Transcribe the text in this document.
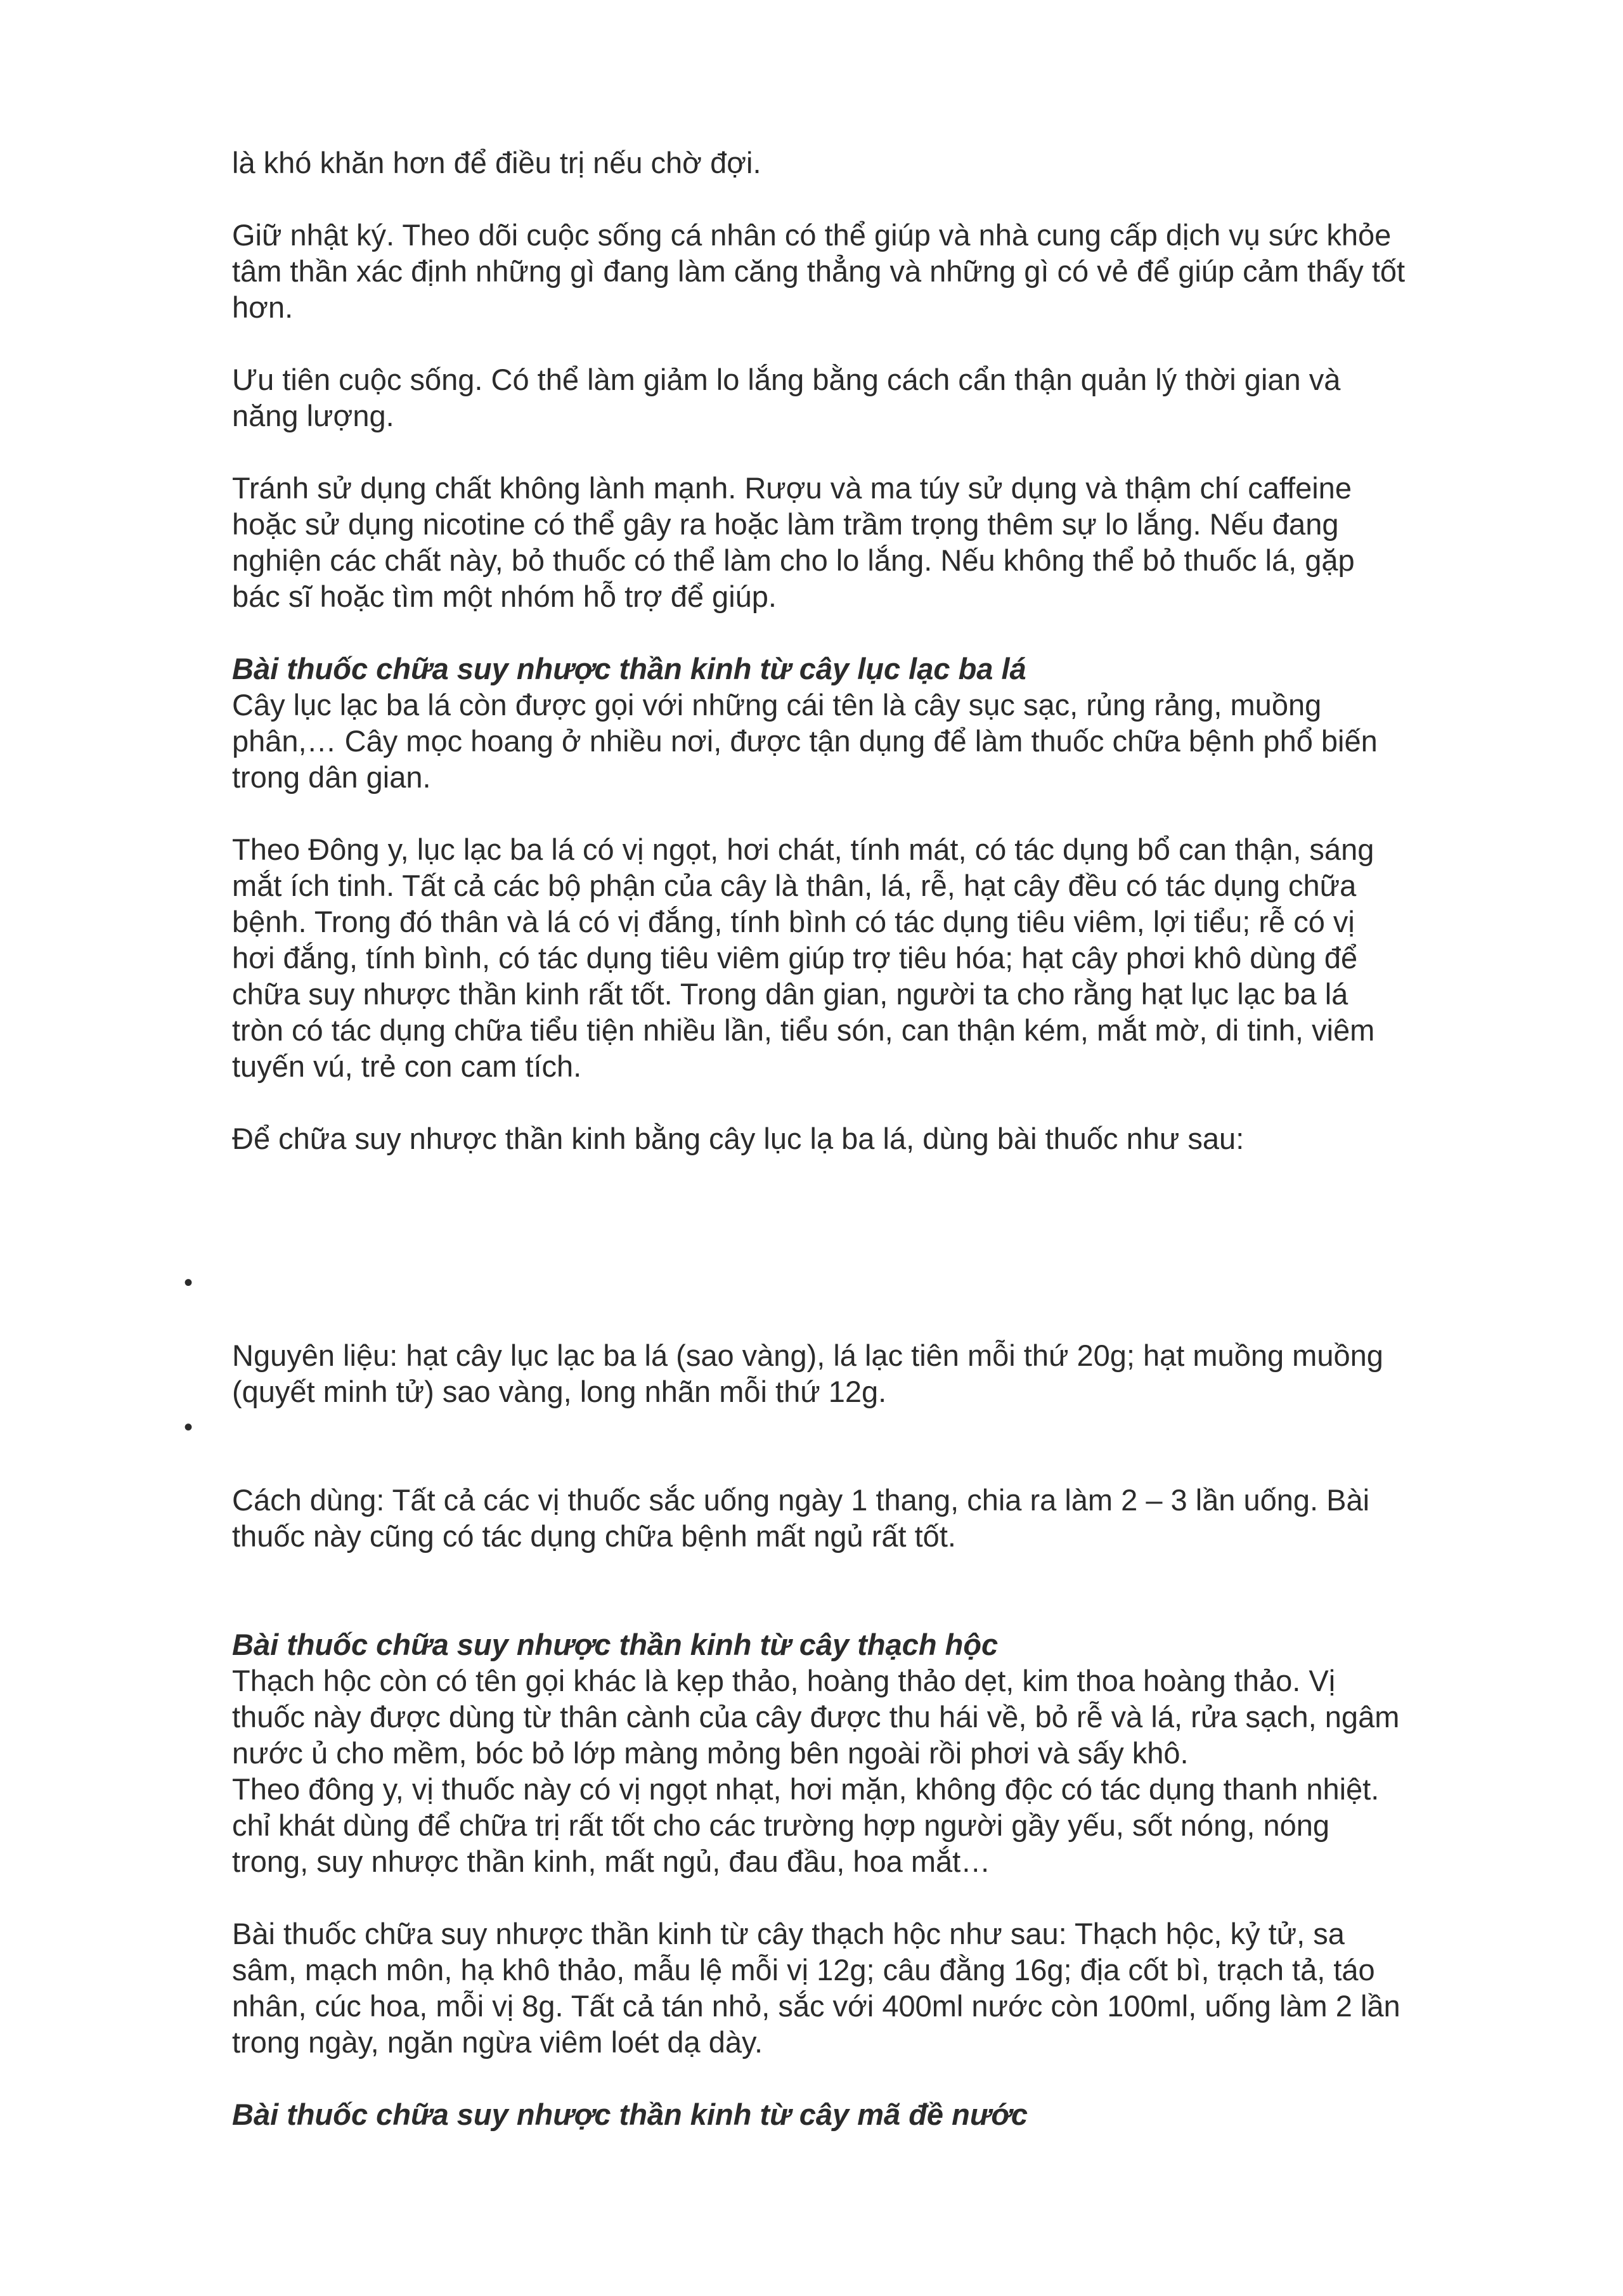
là khó khăn hơn để điều trị nếu chờ đợi.

Giữ nhật ký. Theo dõi cuộc sống cá nhân có thể giúp và nhà cung cấp dịch vụ sức khỏe
tâm thần xác định những gì đang làm căng thẳng và những gì có vẻ để giúp cảm thấy tốt
hơn.

Ưu tiên cuộc sống. Có thể làm giảm lo lắng bằng cách cẩn thận quản lý thời gian và
năng lượng.

Tránh sử dụng chất không lành mạnh. Rượu và ma túy sử dụng và thậm chí caffeine
hoặc sử dụng nicotine có thể gây ra hoặc làm trầm trọng thêm sự lo lắng. Nếu đang
nghiện các chất này, bỏ thuốc có thể làm cho lo lắng. Nếu không thể bỏ thuốc lá, gặp
bác sĩ hoặc tìm một nhóm hỗ trợ để giúp.

Bài thuốc chữa suy nhược thần kinh từ cây lục lạc ba lá

Cây lục lạc ba lá còn được gọi với những cái tên là cây sục sạc, rủng rảng, muồng
phân,… Cây mọc hoang ở nhiều nơi, được tận dụng để làm thuốc chữa bệnh phổ biến
trong dân gian.

Theo Đông y, lục lạc ba lá có vị ngọt, hơi chát, tính mát, có tác dụng bổ can thận, sáng
mắt ích tinh. Tất cả các bộ phận của cây là thân, lá, rễ, hạt cây đều có tác dụng chữa
bệnh. Trong đó thân và lá có vị đắng, tính bình có tác dụng tiêu viêm, lợi tiểu; rễ có vị
hơi đắng, tính bình, có tác dụng tiêu viêm giúp trợ tiêu hóa; hạt cây phơi khô dùng để
chữa suy nhược thần kinh rất tốt. Trong dân gian, người ta cho rằng hạt lục lạc ba lá
tròn có tác dụng chữa tiểu tiện nhiều lần, tiểu són, can thận kém, mắt mờ, di tinh, viêm
tuyến vú, trẻ con cam tích.

Để chữa suy nhược thần kinh bằng cây lục lạ ba lá, dùng bài thuốc như sau:

•

Nguyên liệu: hạt cây lục lạc ba lá (sao vàng), lá lạc tiên mỗi thứ 20g; hạt muồng muồng
(quyết minh tử) sao vàng, long nhãn mỗi thứ 12g.

•

Cách dùng: Tất cả các vị thuốc sắc uống ngày 1 thang, chia ra làm 2 – 3 lần uống. Bài
thuốc này cũng có tác dụng chữa bệnh mất ngủ rất tốt.

Bài thuốc chữa suy nhược thần kinh từ cây thạch hộc

Thạch hộc còn có tên gọi khác là kẹp thảo, hoàng thảo dẹt, kim thoa hoàng thảo. Vị
thuốc này được dùng từ thân cành của cây được thu hái về, bỏ rễ và lá, rửa sạch, ngâm
nước ủ cho mềm, bóc bỏ lớp màng mỏng bên ngoài rồi phơi và sấy khô.
Theo đông y, vị thuốc này có vị ngọt nhạt, hơi mặn, không độc có tác dụng thanh nhiệt.
chỉ khát dùng để chữa trị rất tốt cho các trường hợp người gầy yếu, sốt nóng, nóng
trong, suy nhược thần kinh, mất ngủ, đau đầu, hoa mắt…

Bài thuốc chữa suy nhược thần kinh từ cây thạch hộc như sau: Thạch hộc, kỷ tử, sa
sâm, mạch môn, hạ khô thảo, mẫu lệ mỗi vị 12g; câu đằng 16g; địa cốt bì, trạch tả, táo
nhân, cúc hoa, mỗi vị 8g. Tất cả tán nhỏ, sắc với 400ml nước còn 100ml, uống làm 2 lần
trong ngày, ngăn ngừa viêm loét dạ dày.

Bài thuốc chữa suy nhược thần kinh từ cây mã đề nước
